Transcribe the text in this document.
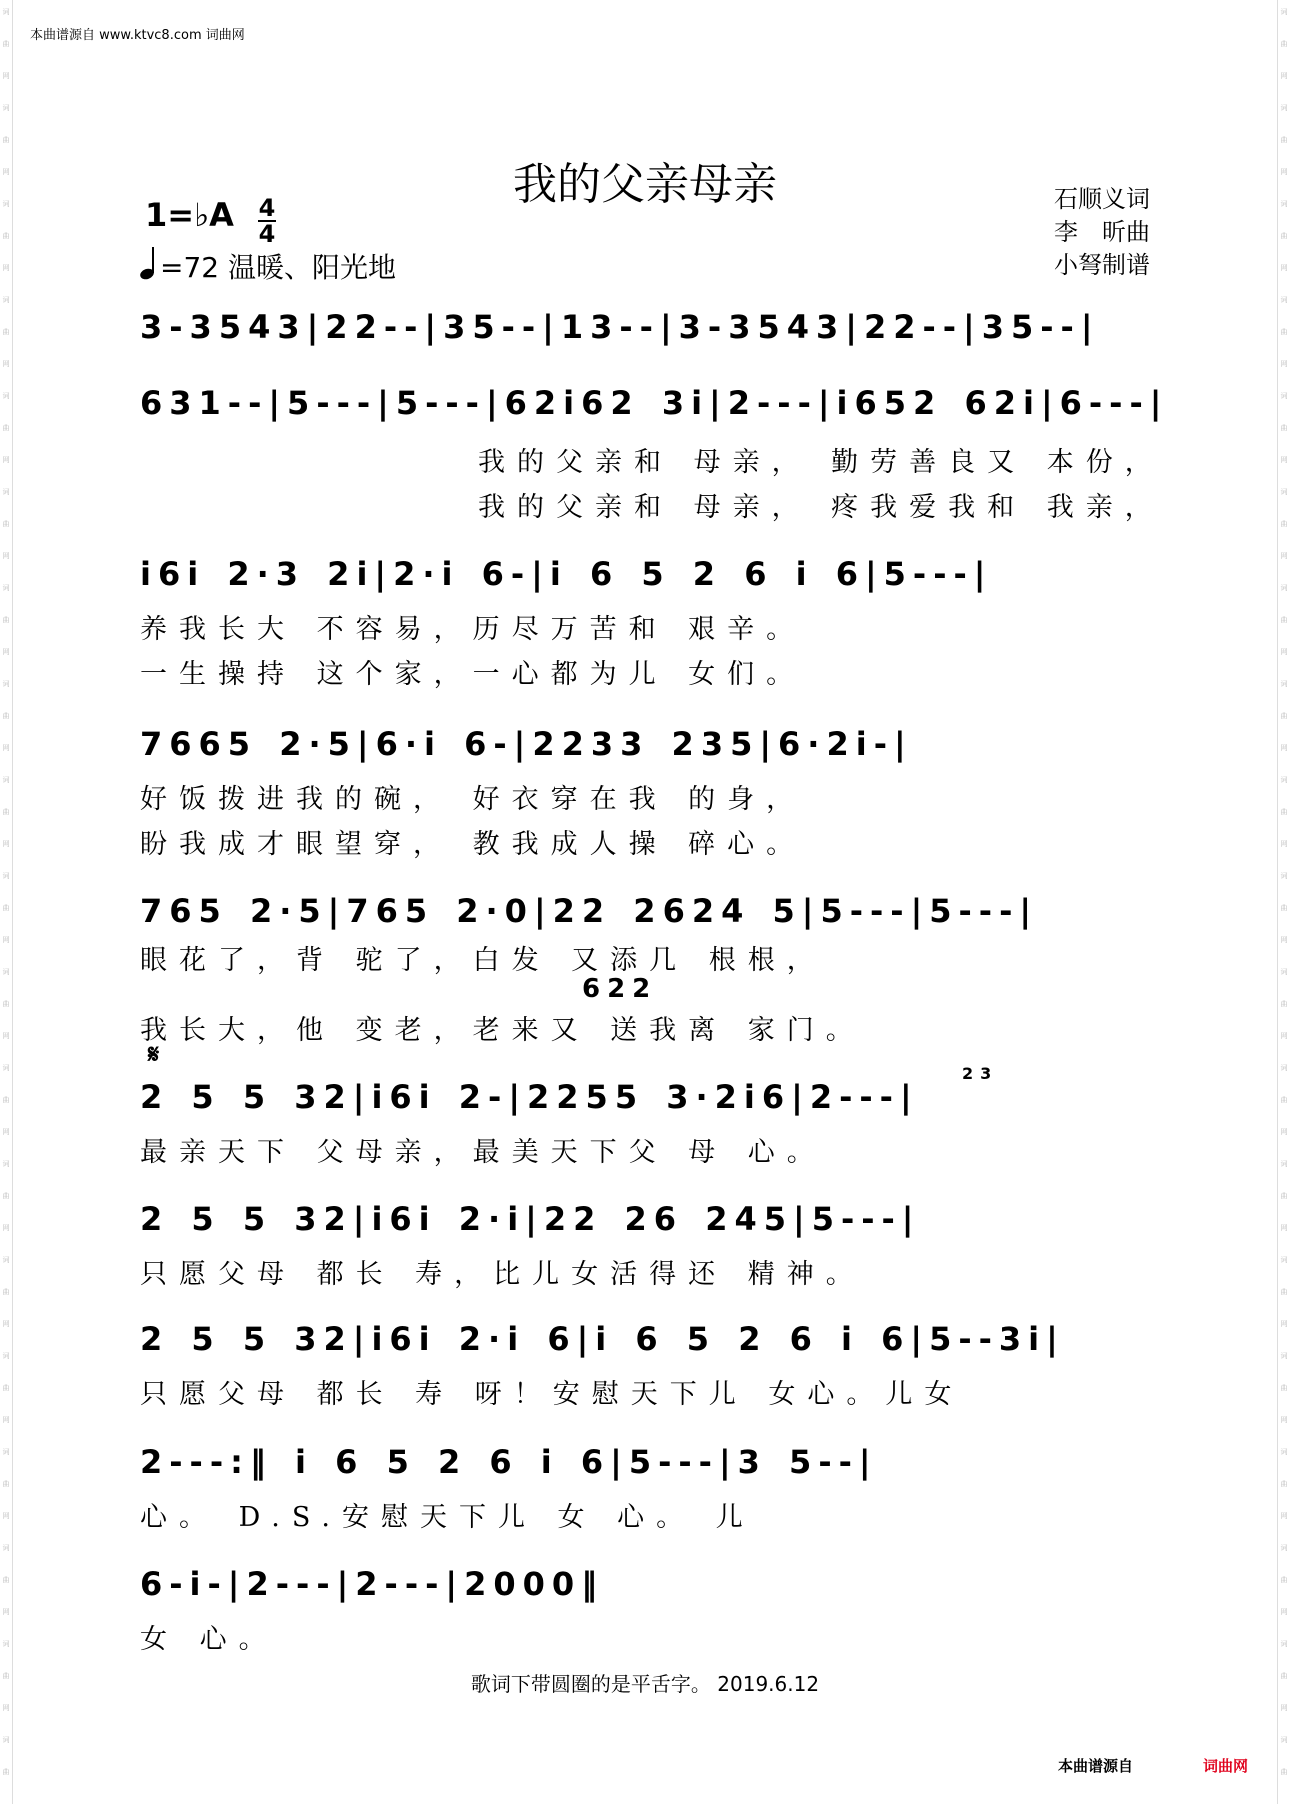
词
曲
网
词
曲
网
词
曲
网
词
曲
网
词
曲
网
词
曲
网
词
曲
网
词
曲
网
词
曲
网
词
曲
网
词
曲
网
词
曲
网
词
曲
网
词
曲
网
词
曲
网
词
曲
网
词
曲
网
词
曲
网
词
曲
词
曲
网
词
曲
网
词
曲
网
词
曲
网
词
曲
网
词
曲
网
词
曲
网
词
曲
网
词
曲
网
词
曲
网
词
曲
网
词
曲
网
词
曲
网
词
曲
网
词
曲
网
词
曲
网
词
曲
网
词
曲
网
词
曲
本曲谱源自 www.ktvc8.com 词曲网
我的父亲母亲	石顺义词
李　昕曲
小弩制谱
1=♭A 4
4
=72 温暖、阳光地
𝄋
3-3543|22--|35--|13--|3-3543|22--|35--|
631--|5---|5---|62i62 3i|2---|i652 62i|6---|
我的父亲和 母亲， 勤劳善良又 本份，
我的父亲和 母亲， 疼我爱我和 我亲，
i6i 2·3 2i|2·i 6-|i 6 5 2 6 i 6|5---|
养我长大 不容易，历尽万苦和 艰辛。
一生操持 这个家，一心都为儿 女们。
7665 2·5|6·i 6-|2233 235|6·2i-|
好饭拨进我的碗， 好衣穿在我 的身，
盼我成才眼望穿， 教我成人操 碎心。
765 2·5|765 2·0|22 2624 5|5---|5---|
眼花了，背 驼了，白发 又添几 根根，
622
我长大，他 变老，老来又 送我离 家门。
2 5 5 32|i6i 2-|2255 3·2i6|2---|
23
最亲天下 父母亲，最美天下父 母 心。
2 5 5 32|i6i 2·i|22 26 245|5---|
只愿父母 都长 寿，比儿女活得还 精神。
2 5 5 32|i6i 2·i 6|i 6 5 2 6 i 6|5--3i|
只愿父母 都长 寿 呀！安慰天下儿 女心。儿女
2---:‖ i 6 5 2 6 i 6|5---|3 5--|
心。 D.S.安慰天下儿 女 心。 儿
6-i-|2---|2---|2000‖
女 心。
歌词下带圆圈的是平舌字。 2019.6.12
本曲谱源自	词曲网
